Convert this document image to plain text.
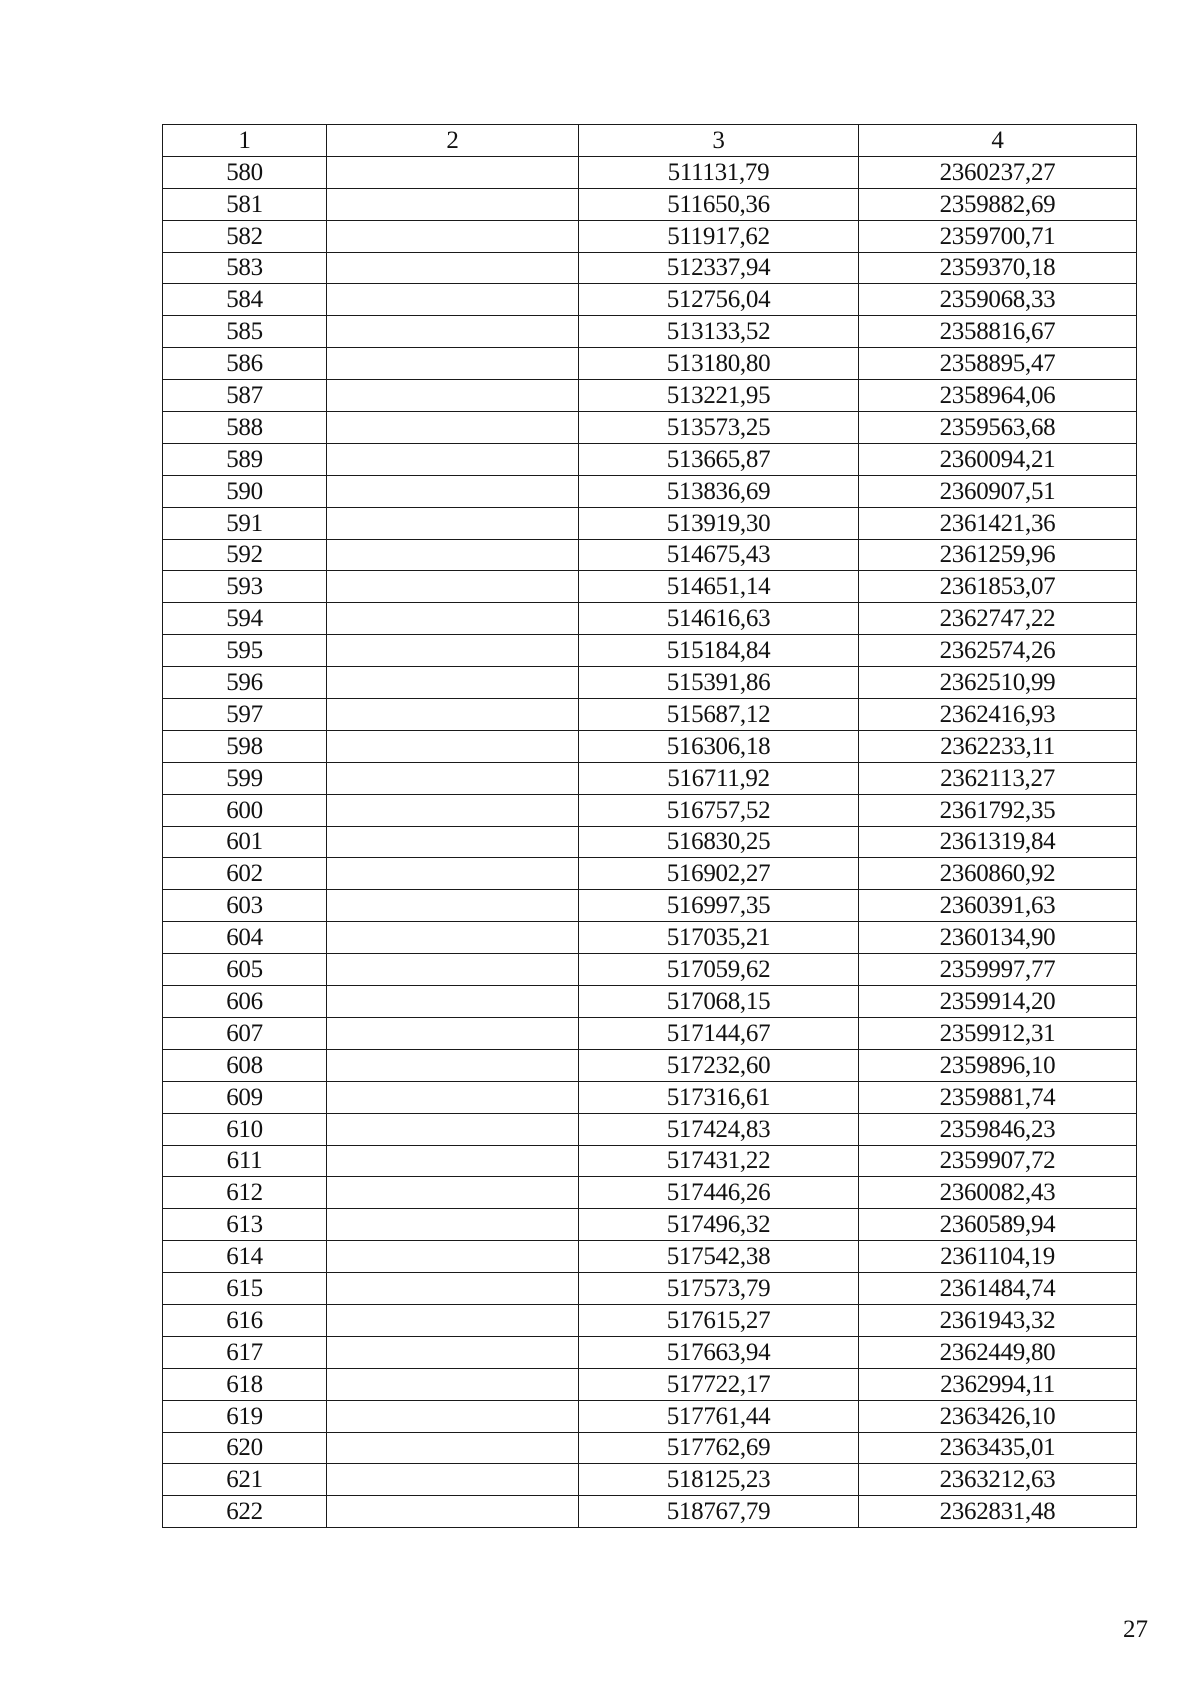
1	2	3	4
580		511131,79	2360237,27
581		511650,36	2359882,69
582		511917,62	2359700,71
583		512337,94	2359370,18
584		512756,04	2359068,33
585		513133,52	2358816,67
586		513180,80	2358895,47
587		513221,95	2358964,06
588		513573,25	2359563,68
589		513665,87	2360094,21
590		513836,69	2360907,51
591		513919,30	2361421,36
592		514675,43	2361259,96
593		514651,14	2361853,07
594		514616,63	2362747,22
595		515184,84	2362574,26
596		515391,86	2362510,99
597		515687,12	2362416,93
598		516306,18	2362233,11
599		516711,92	2362113,27
600		516757,52	2361792,35
601		516830,25	2361319,84
602		516902,27	2360860,92
603		516997,35	2360391,63
604		517035,21	2360134,90
605		517059,62	2359997,77
606		517068,15	2359914,20
607		517144,67	2359912,31
608		517232,60	2359896,10
609		517316,61	2359881,74
610		517424,83	2359846,23
611		517431,22	2359907,72
612		517446,26	2360082,43
613		517496,32	2360589,94
614		517542,38	2361104,19
615		517573,79	2361484,74
616		517615,27	2361943,32
617		517663,94	2362449,80
618		517722,17	2362994,11
619		517761,44	2363426,10
620		517762,69	2363435,01
621		518125,23	2363212,63
622		518767,79	2362831,48
27
